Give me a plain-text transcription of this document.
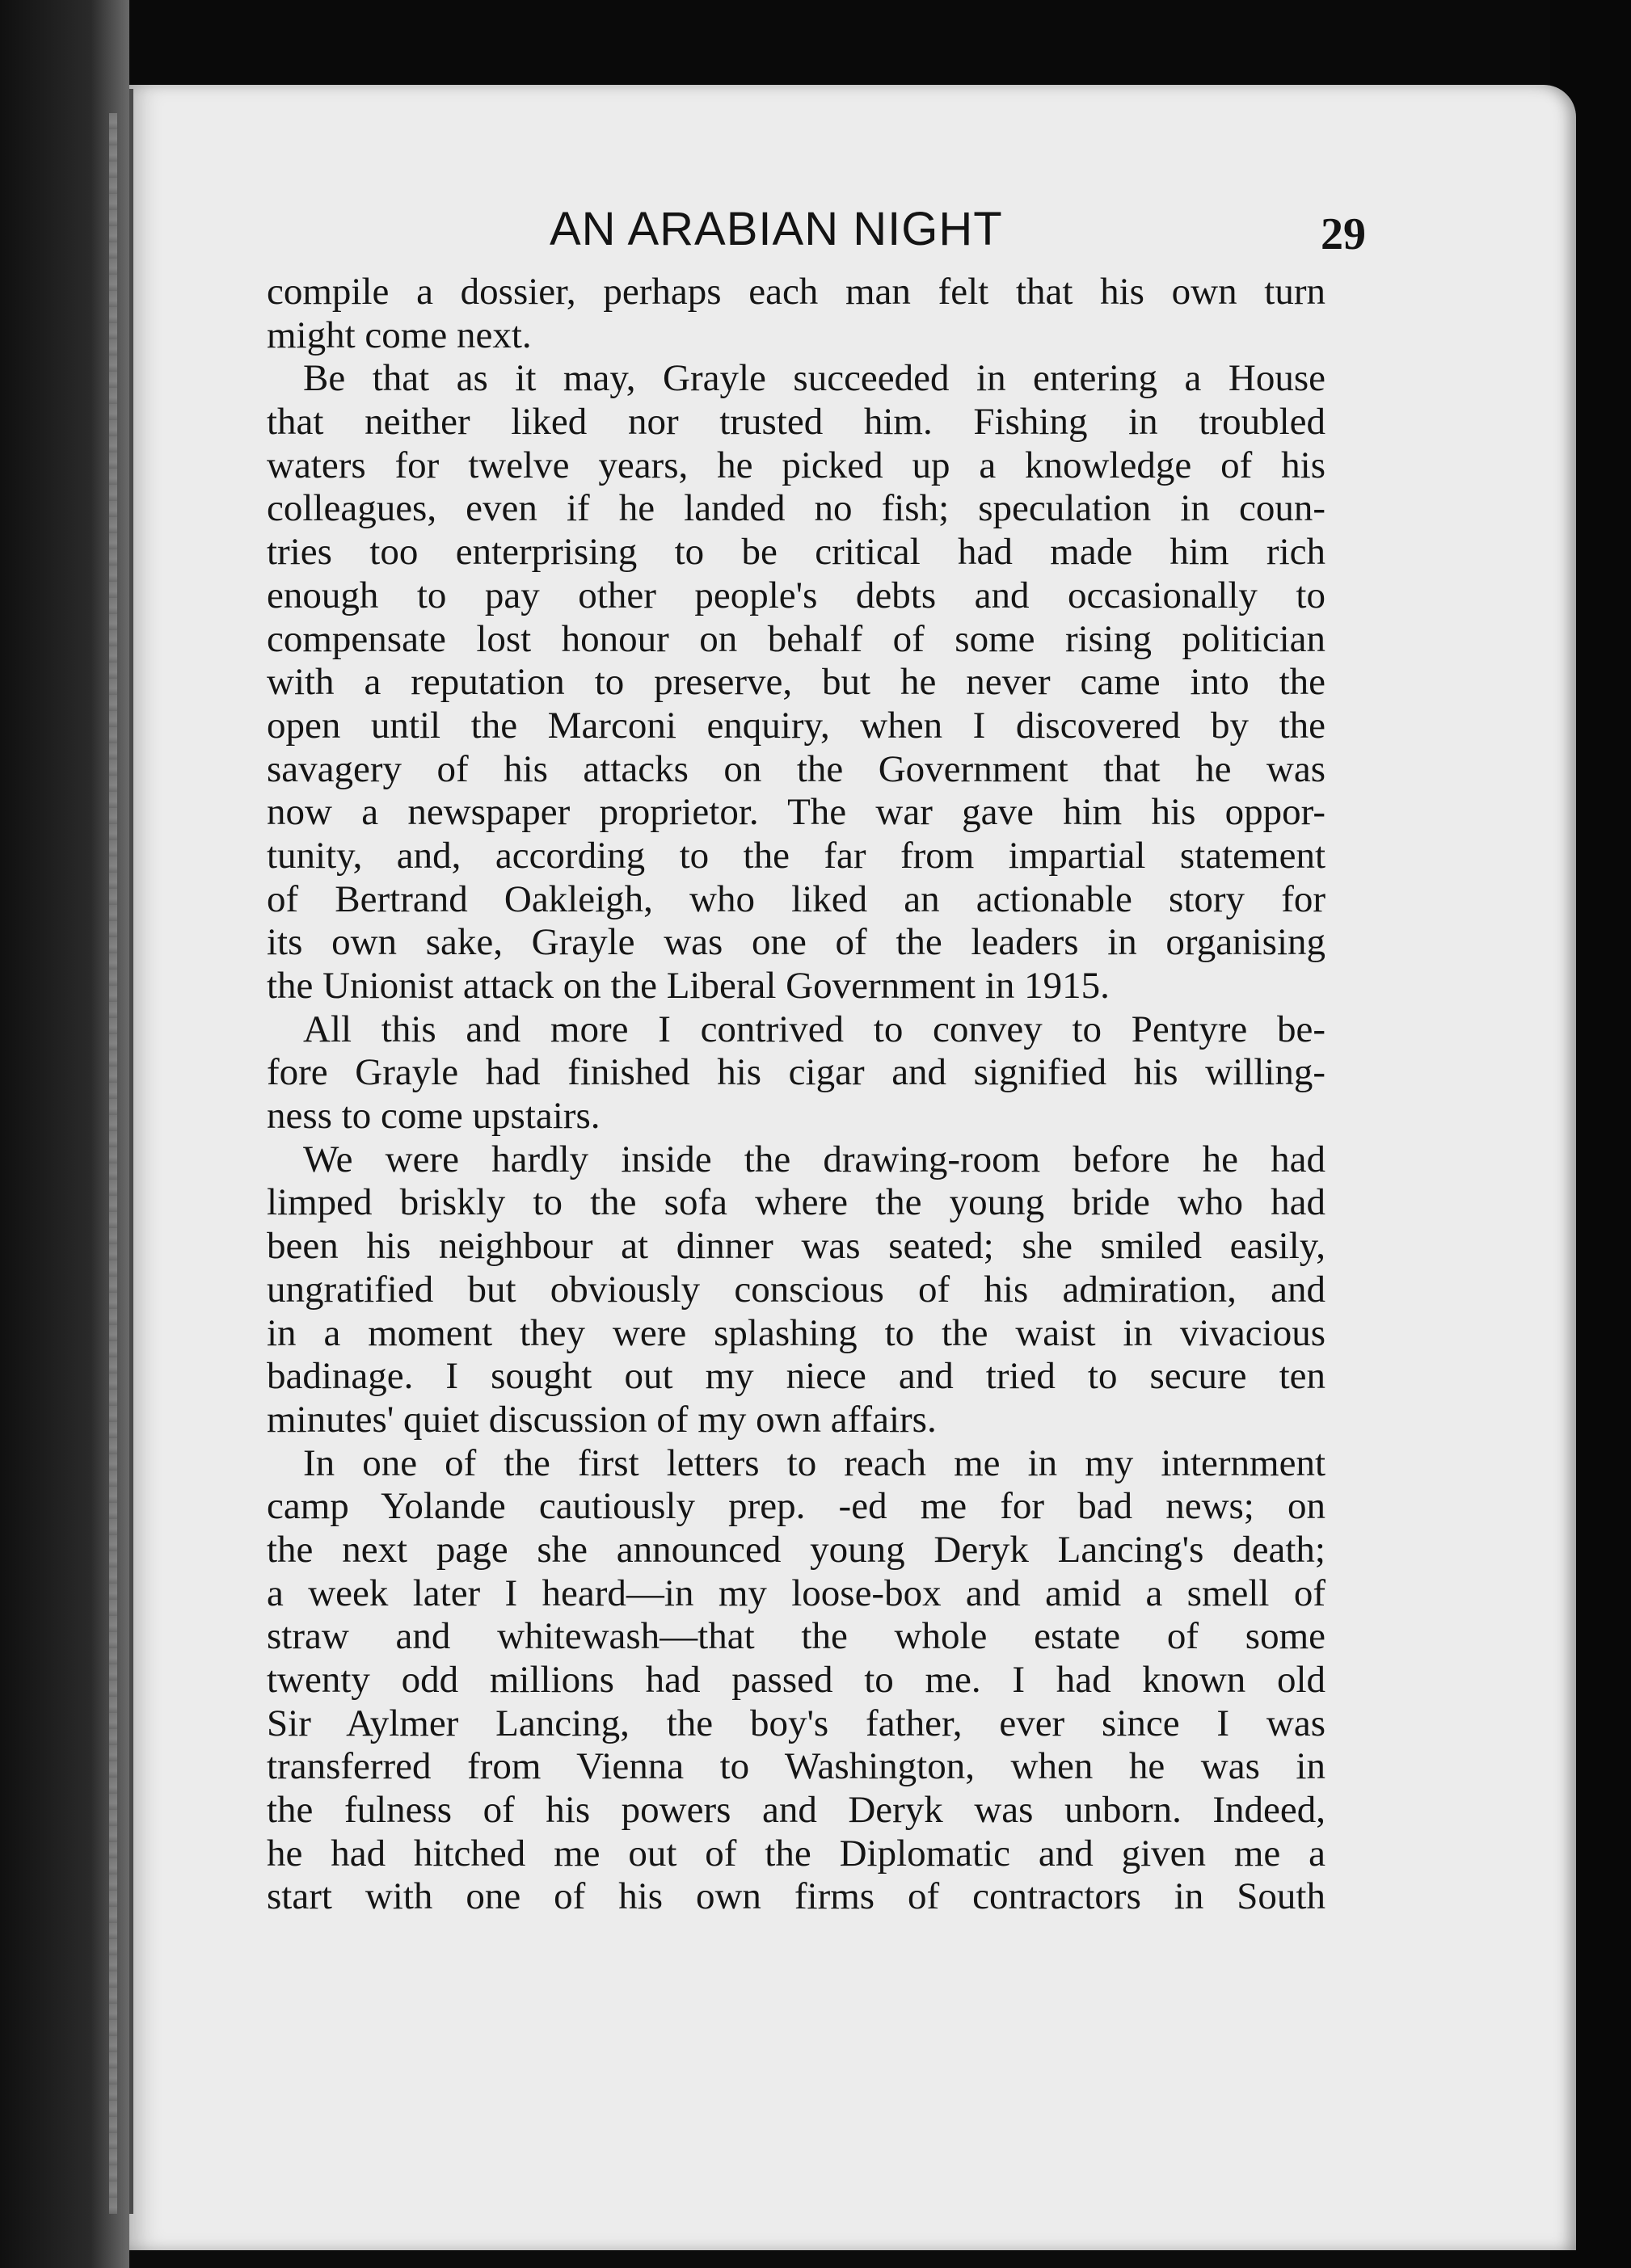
AN ARABIAN NIGHT	29
compile a dossier, perhaps each man felt that his own turn
might come next.
Be that as it may, Grayle succeeded in entering a House
that neither liked nor trusted him. Fishing in troubled
waters for twelve years, he picked up a knowledge of his
colleagues, even if he landed no fish; speculation in coun-
tries too enterprising to be critical had made him rich
enough to pay other people's debts and occasionally to
compensate lost honour on behalf of some rising politician
with a reputation to preserve, but he never came into the
open until the Marconi enquiry, when I discovered by the
savagery of his attacks on the Government that he was
now a newspaper proprietor. The war gave him his oppor-
tunity, and, according to the far from impartial statement
of Bertrand Oakleigh, who liked an actionable story for
its own sake, Grayle was one of the leaders in organising
the Unionist attack on the Liberal Government in 1915.
All this and more I contrived to convey to Pentyre be-
fore Grayle had finished his cigar and signified his willing-
ness to come upstairs.
We were hardly inside the drawing-room before he had
limped briskly to the sofa where the young bride who had
been his neighbour at dinner was seated; she smiled easily,
ungratified but obviously conscious of his admiration, and
in a moment they were splashing to the waist in vivacious
badinage. I sought out my niece and tried to secure ten
minutes' quiet discussion of my own affairs.
In one of the first letters to reach me in my internment
camp Yolande cautiously prep. -ed me for bad news; on
the next page she announced young Deryk Lancing's death;
a week later I heard—in my loose-box and amid a smell of
straw and whitewash—that the whole estate of some
twenty odd millions had passed to me. I had known old
Sir Aylmer Lancing, the boy's father, ever since I was
transferred from Vienna to Washington, when he was in
the fulness of his powers and Deryk was unborn. Indeed,
he had hitched me out of the Diplomatic and given me a
start with one of his own firms of contractors in South
